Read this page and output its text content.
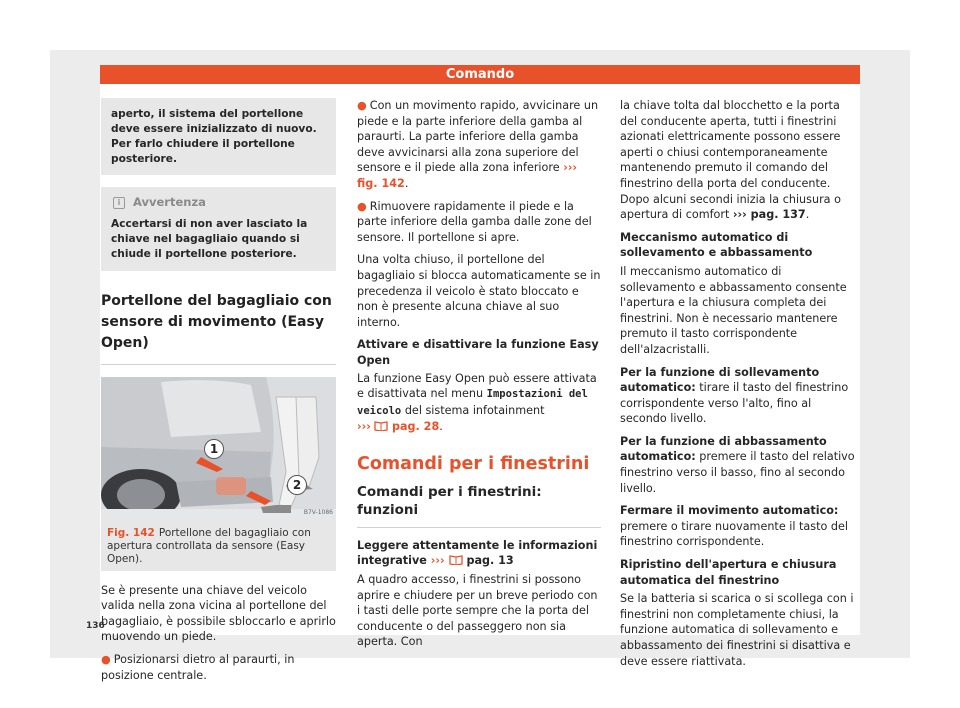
Comando
aperto, il sistema del portellone deve essere inizializzato di nuovo. Per farlo chiudere il portellone posteriore.
i Avvertenza
Accertarsi di non aver lasciato la chiave nel bagagliaio quando si chiude il portellone posteriore.
Portellone del bagagliaio con sensore di movimento (Easy Open)
1
2
B7V-1086
Fig. 142 Portellone del bagagliaio con apertura controllata da sensore (Easy Open).

Se è presente una chiave del veicolo valida nella zona vicina al portellone del bagagliaio, è possibile sbloccarlo e aprirlo muovendo un piede.

● Posizionarsi dietro al paraurti, in posizione centrale.

● Con un movimento rapido, avvicinare un piede e la parte inferiore della gamba al paraurti. La parte inferiore della gamba deve avvicinarsi alla zona superiore del sensore e il piede alla zona inferiore ››› fig. 142.

● Rimuovere rapidamente il piede e la parte inferiore della gamba dalle zone del sensore. Il portellone si apre.

Una volta chiuso, il portellone del bagagliaio si blocca automaticamente se in precedenza il veicolo è stato bloccato e non è presente alcuna chiave al suo interno.

Attivare e disattivare la funzione Easy Open

La funzione Easy Open può essere attivata e disattivata nel menu Impostazioni del veicolo del sistema infotainment
››› pag. 28.

Comandi per i finestrini
Comandi per i finestrini: funzioni

Leggere attentamente le informazioni integrative ››› pag. 13

A quadro accesso, i finestrini si possono aprire e chiudere per un breve periodo con i tasti delle porte sempre che la porta del conducente o del passeggero non sia aperta. Con

la chiave tolta dal blocchetto e la porta del conducente aperta, tutti i finestrini azionati elettricamente possono essere aperti o chiusi contemporaneamente mantenendo premuto il comando del finestrino della porta del conducente. Dopo alcuni secondi inizia la chiusura o apertura di comfort ››› pag. 137.

Meccanismo automatico di sollevamento e abbassamento

Il meccanismo automatico di sollevamento e abbassamento consente l'apertura e la chiusura completa dei finestrini. Non è necessario mantenere premuto il tasto corrispondente dell'alzacristalli.

Per la funzione di sollevamento automatico: tirare il tasto del finestrino corrispondente verso l'alto, fino al secondo livello.

Per la funzione di abbassamento automatico: premere il tasto del relativo finestrino verso il basso, fino al secondo livello.

Fermare il movimento automatico: premere o tirare nuovamente il tasto del finestrino corrispondente.

Ripristino dell'apertura e chiusura automatica del finestrino

Se la batteria si scarica o si scollega con i finestrini non completamente chiusi, la funzione automatica di sollevamento e abbassamento dei finestrini si disattiva e deve essere riattivata.

136
